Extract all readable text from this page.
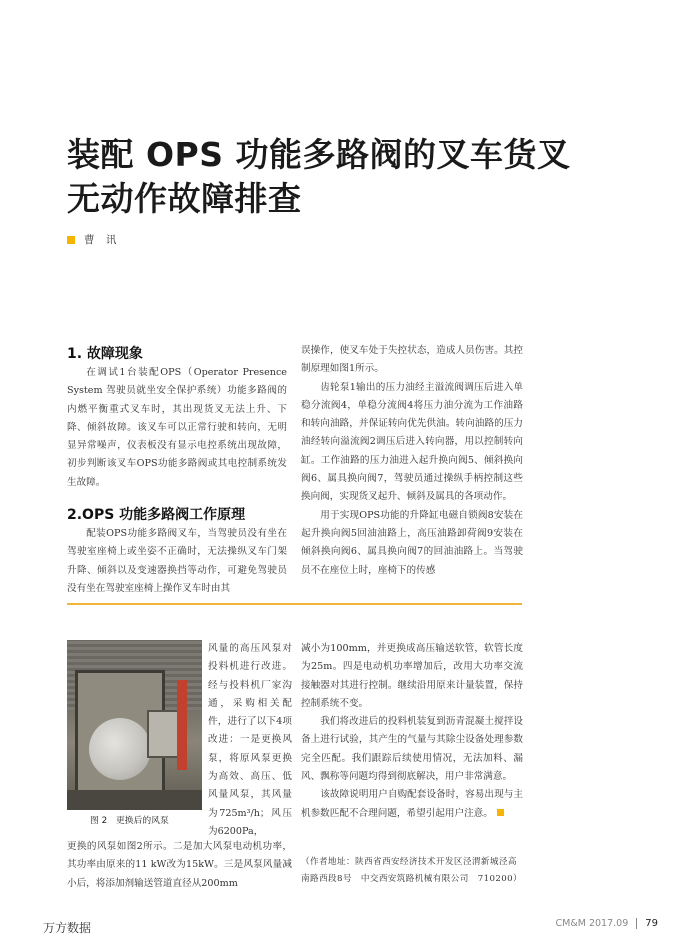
装配 OPS 功能多路阀的叉车货叉
无动作故障排查
曹 讯
1. 故障现象

在调试1台装配OPS（Operator Presence System 驾驶员就坐安全保护系统）功能多路阀的内燃平衡重式叉车时，其出现货叉无法上升、下降、倾斜故障。该叉车可以正常行驶和转向，无明显异常噪声，仪表板没有显示电控系统出现故障，初步判断该叉车OPS功能多路阀或其电控制系统发生故障。

2.OPS 功能多路阀工作原理

配装OPS功能多路阀叉车，当驾驶员没有坐在驾驶室座椅上或坐姿不正确时，无法操纵叉车门架升降、倾斜以及变速器换挡等动作，可避免驾驶员没有坐在驾驶室座椅上操作叉车时由其

误操作，使叉车处于失控状态，造成人员伤害。其控制原理如图1所示。

齿轮泵1输出的压力油经主溢流阀调压后进入单稳分流阀4，单稳分流阀4将压力油分流为工作油路和转向油路，并保证转向优先供油。转向油路的压力油经转向溢流阀2调压后进入转向器，用以控制转向缸。工作油路的压力油进入起升换向阀5、倾斜换向阀6、属具换向阀7，驾驶员通过操纵手柄控制这些换向阀，实现货叉起升、倾斜及属具的各项动作。

用于实现OPS功能的升降缸电磁自锁阀8安装在起升换向阀5回油油路上，高压油路卸荷阀9安装在倾斜换向阀6、属具换向阀7的回油油路上。当驾驶员不在座位上时，座椅下的传感

图 2　更换后的风泵

风量的高压风泵对投料机进行改进。经与投料机厂家沟通，采购相关配件，进行了以下4项改进：一是更换风泵，将原风泵更换为高效、高压、低风量风泵，其风量为725m³/h；风压为6200Pa，

更换的风泵如图2所示。二是加大风泵电动机功率，其功率由原来的11 kW改为15kW。三是风泵风量减小后，将添加剂输送管道直径从200mm

减小为100mm，并更换成高压输送软管，软管长度为25m。四是电动机功率增加后，改用大功率交流接触器对其进行控制。继续沿用原来计量装置，保持控制系统不变。

我们将改进后的投料机装复到沥青混凝土搅拌设备上进行试验，其产生的气量与其除尘设备处理参数完全匹配。我们跟踪后续使用情况，无法加料、漏风、飘称等问题均得到彻底解决，用户非常满意。

该故障说明用户自购配套设备时，容易出现与主机参数匹配不合理问题，希望引起用户注意。

（作者地址：陕西省西安经济技术开发区泾渭新城泾高南路西段8号　中交西安筑路机械有限公司　710200）
万方数据	CM&M 2017.09 79
